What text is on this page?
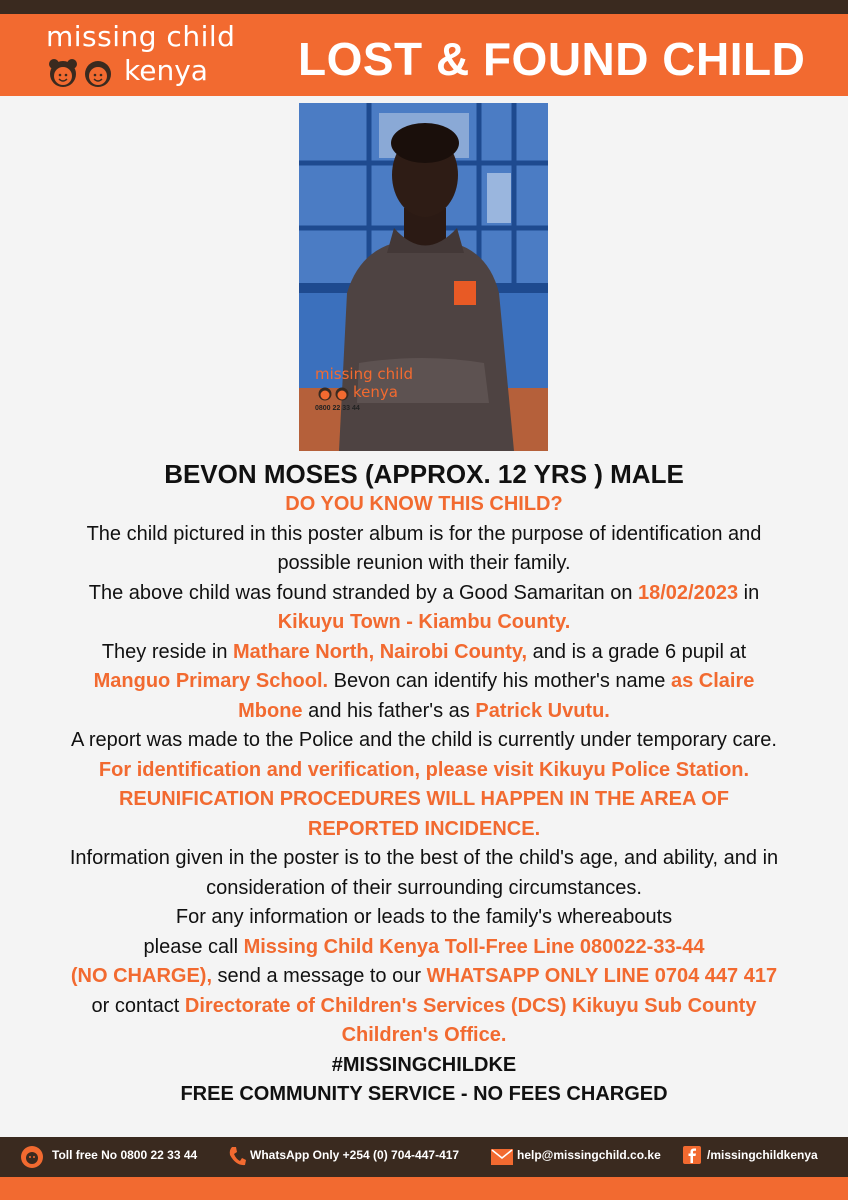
missing child
kenya LOST & FOUND CHILD
missing child
kenya
0800 22 33 44

BEVON MOSES (APPROX. 12 YRS ) MALE

DO YOU KNOW THIS CHILD?

The child pictured in this poster album is for the purpose of identification and

possible reunion with their family.

The above child was found stranded by a Good Samaritan on 18/02/2023 in

Kikuyu Town - Kiambu County.

They reside in Mathare North, Nairobi County, and is a grade 6 pupil at

Manguo Primary School. Bevon can identify his mother's name as Claire

Mbone and his father's as Patrick Uvutu.

A report was made to the Police and the child is currently under temporary care.

For identification and verification, please visit Kikuyu Police Station.

REUNIFICATION PROCEDURES WILL HAPPEN IN THE AREA OF

REPORTED INCIDENCE.

Information given in the poster is to the best of the child's age, and ability, and in

consideration of their surrounding circumstances.

For any information or leads to the family's whereabouts

please call Missing Child Kenya Toll-Free Line 080022-33-44

(NO CHARGE), send a message to our WHATSAPP ONLY LINE 0704 447 417

or contact Directorate of Children's Services (DCS) Kikuyu Sub County

Children's Office.

#MISSINGCHILDKE

FREE COMMUNITY SERVICE - NO FEES CHARGED

Toll free No 0800 22 33 44	WhatsApp Only +254 (0) 704-447-417	help@missingchild.co.ke	/missingchildkenya
